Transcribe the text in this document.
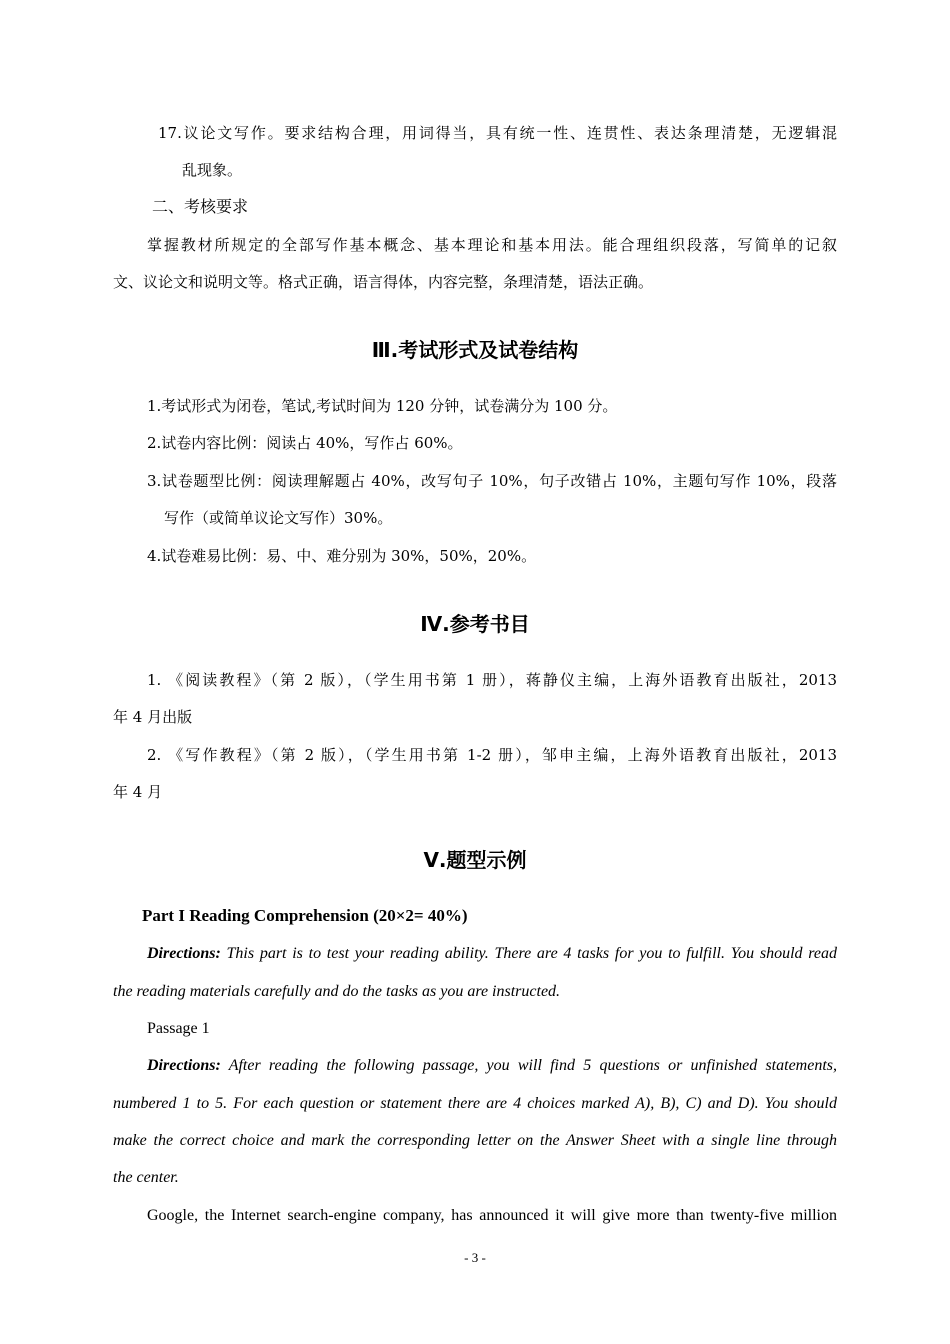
17.议论文写作。要求结构合理，用词得当，具有统一性、连贯性、表达条理清楚，无逻辑混
乱现象。
二、考核要求
掌握教材所规定的全部写作基本概念、基本理论和基本用法。能合理组织段落，写简单的记叙
文、议论文和说明文等。格式正确，语言得体，内容完整，条理清楚，语法正确。
Ⅲ.考试形式及试卷结构
1.考试形式为闭卷，笔试,考试时间为 120 分钟，试卷满分为 100 分。
2.试卷内容比例：阅读占 40%，写作占 60%。
3.试卷题型比例：阅读理解题占 40%，改写句子 10%，句子改错占 10%，主题句写作 10%，段落
写作（或简单议论文写作）30%。
4.试卷难易比例：易、中、难分别为 30%，50%，20%。
Ⅳ.参考书目
1. 《阅读教程》（第 2 版），（学生用书第 1 册），蒋静仪主编，上海外语教育出版社，2013
年 4 月出版
2. 《写作教程》（第 2 版），（学生用书第 1-2 册），邹申主编，上海外语教育出版社，2013
年 4 月
Ⅴ.题型示例
Part I Reading Comprehension (20×2= 40%)
Directions: This part is to test your reading ability. There are 4 tasks for you to fulfill. You should read
the reading materials carefully and do the tasks as you are instructed.
Passage 1
Directions: After reading the following passage, you will find 5 questions or unfinished statements,
numbered 1 to 5. For each question or statement there are 4 choices marked A), B), C) and D). You should
make the correct choice and mark the corresponding letter on the Answer Sheet with a single line through
the center.
Google, the Internet search-engine company, has announced it will give more than twenty-five million
- 3 -
